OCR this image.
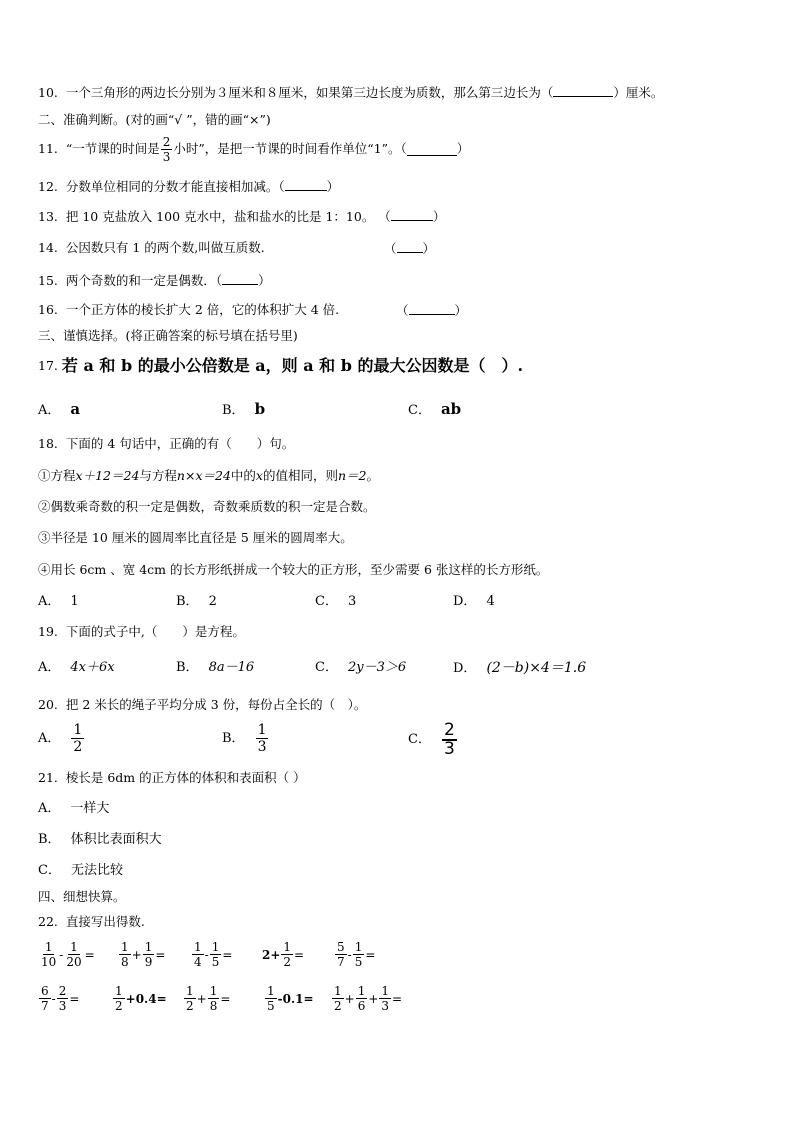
10. 一个三角形的两边长分别为３厘米和８厘米，如果第三边长度为质数，那么第三边长为（	）厘米。
二、准确判断。(对的画“√ ”，错的画“×”)
11.
“一节课的时间是 $\frac{2}{3}$ 小时”，是把一节课的时间看作单位“1”。（	）
12. 分数单位相同的分数才能直接相加减。（	）
13. 把 10 克盐放入 100 克水中，盐和盐水的比是 1：10。 （	）
14. 公因数只有 1 的两个数,叫做互质数.	（ ）
15. 两个奇数的和一定是偶数．（	）
16. 一个正方体的棱长扩大 2 倍，它的体积扩大 4 倍.	（	）
三、谨慎选择。(将正确答案的标号填在括号里)
17.
若 a 和 b 的最小公倍数是 a，则 a 和 b 的最大公因数是（　）.
A． a	B． b	C． ab
18. 下面的 4 句话中，正确的有（　　）句。
①方程x＋12＝24与方程n×x＝24中的x的值相同，则n＝2。
②偶数乘奇数的积一定是偶数，奇数乘质数的积一定是合数。
③半径是 10 厘米的圆周率比直径是 5 厘米的圆周率大。
④用长 6cm 、宽 4cm 的长方形纸拼成一个较大的正方形，至少需要 6 张这样的长方形纸。
A． 1	B． 2	C． 3	D． 4
19. 下面的式子中,（　　）是方程。
A． 4x＋6x	B． 8a－16	C． 2y－3＞6	D． (2－b)×4＝1.6
20. 把 2 米长的绳子平均分成 3 份，每份占全长的（　）。
A． $\frac{1}{2}$	B． $\frac{1}{3}$	C． $\frac{2}{3}$
21. 棱长是 6dm 的正方体的体积和表面积（ ）
A． 一样大
B． 体积比表面积大
C． 无法比较
四、细想快算。
22. 直接写出得数.
$\frac{1}{10} - \frac{1}{20} = \frac{1}{8} + \frac{1}{9} = \frac{1}{4} - \frac{1}{5} = 2+ \frac{1}{2}$ =	$\frac{5}{7} - \frac{1}{5}$ =
$\frac{6}{7} - \frac{2}{3}$ =	$\frac{1}{2} +0.4= \frac{1}{2} + \frac{1}{8}$ =	$\frac{1}{5} -0.1= \frac{1}{2} + \frac{1}{6} + \frac{1}{3}$ =
